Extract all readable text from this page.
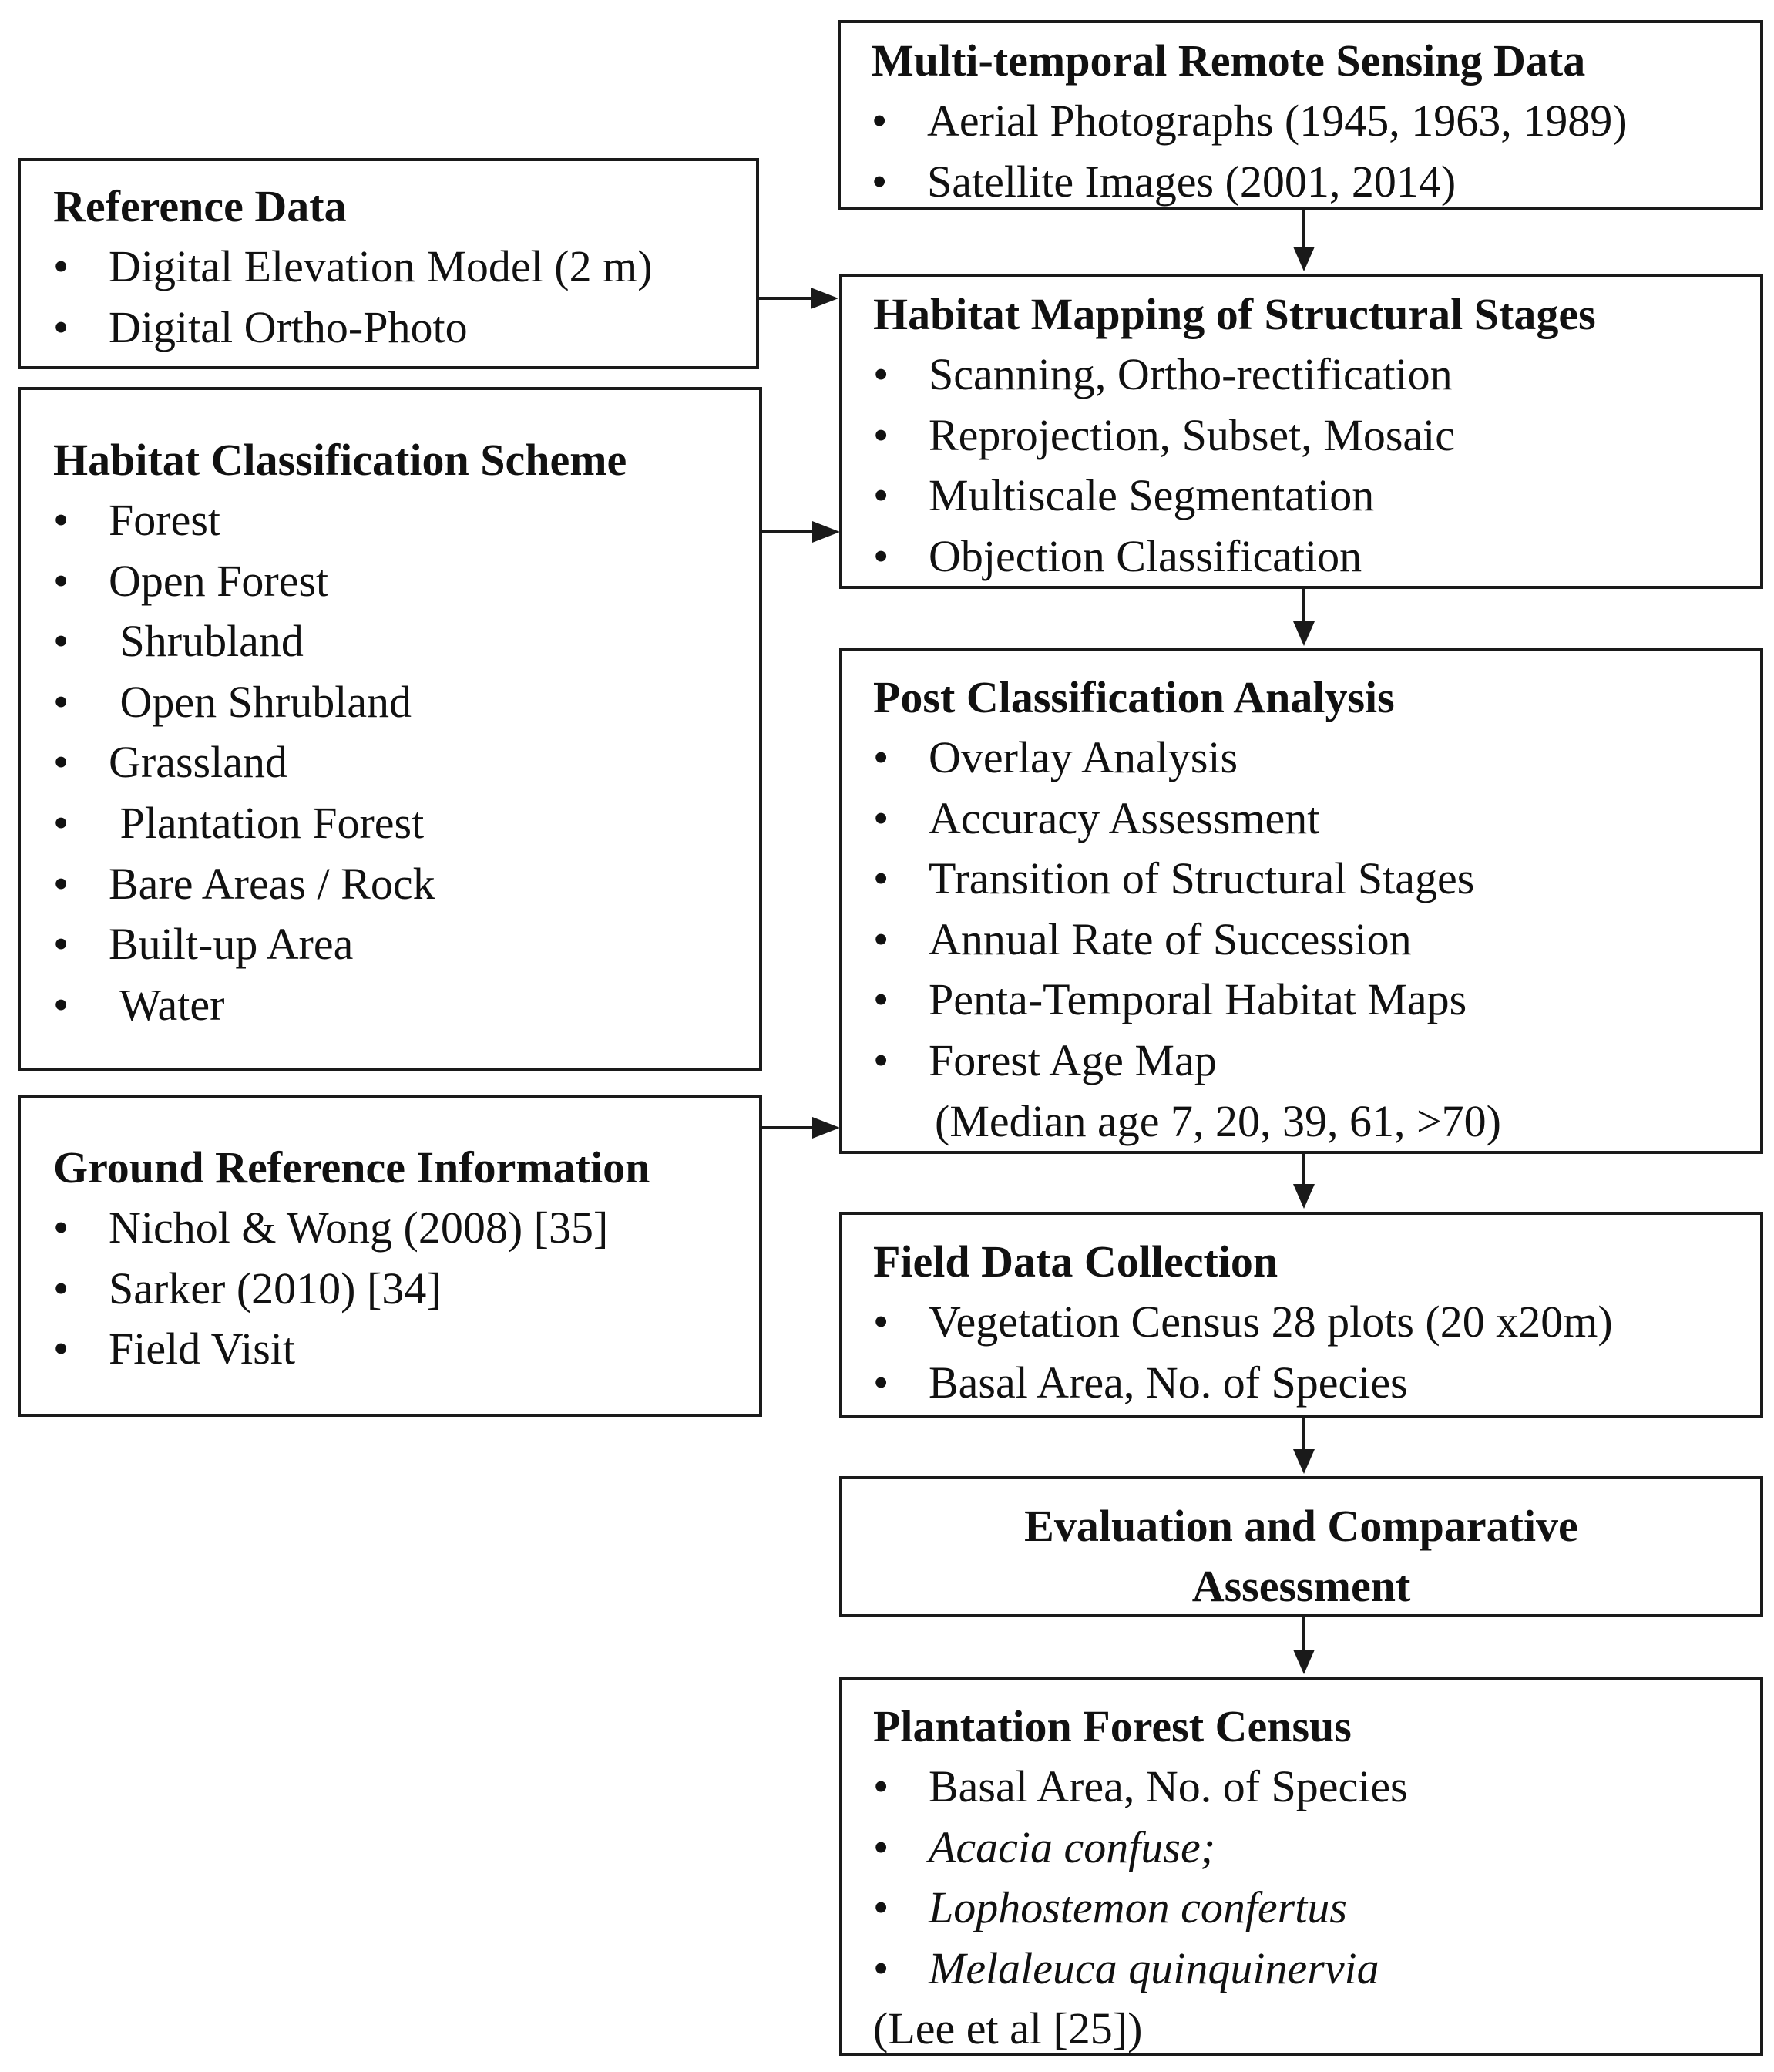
Multi-temporal Remote Sensing Data
• Aerial Photographs (1945, 1963, 1989)
• Satellite Images (2001, 2014)
Reference Data
• Digital Elevation Model (2 m)
• Digital Ortho-Photo	Habitat Mapping of Structural Stages
• Scanning, Ortho-rectification
• Reprojection, Subset, Mosaic
• Multiscale Segmentation
• Objection Classification
Habitat Classification Scheme
• Forest
• Open Forest
•  Shrubland
•  Open Shrubland
• Grassland
•  Plantation Forest
• Bare Areas / Rock
• Built-up Area
•  Water
Post Classification Analysis
• Overlay Analysis
• Accuracy Assessment
• Transition of Structural Stages
• Annual Rate of Succession
• Penta-Temporal Habitat Maps
• Forest Age Map
(Median age 7, 20, 39, 61, >70)
Ground Reference Information
• Nichol & Wong (2008) [35]
• Sarker (2010) [34]
• Field Visit
Field Data Collection
• Vegetation Census 28 plots (20 x20m)
• Basal Area, No. of Species
Evaluation and Comparative
Assessment
Plantation Forest Census
• Basal Area, No. of Species
• Acacia confuse;
• Lophostemon confertus
• Melaleuca quinquinervia
(Lee et al [25])
